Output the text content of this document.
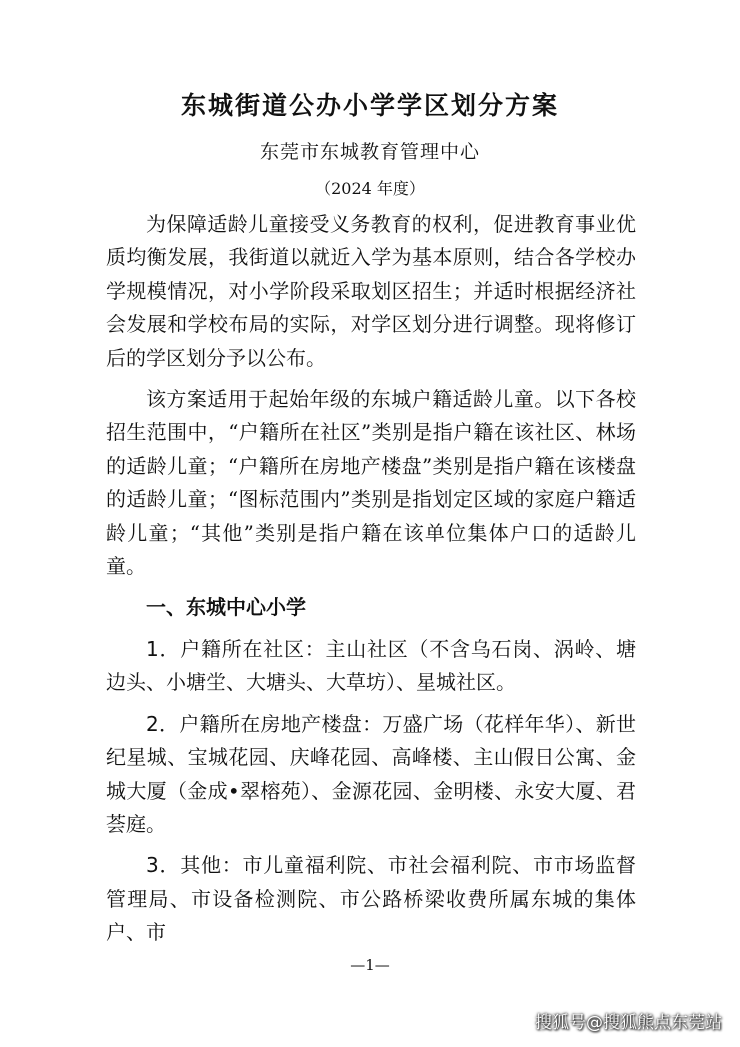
东城街道公办小学学区划分方案
东莞市东城教育管理中心
（2024 年度）

为保障适龄儿童接受义务教育的权利，促进教育事业优质均衡发展，我街道以就近入学为基本原则，结合各学校办学规模情况，对小学阶段采取划区招生；并适时根据经济社会发展和学校布局的实际，对学区划分进行调整。现将修订后的学区划分予以公布。

该方案适用于起始年级的东城户籍适龄儿童。以下各校招生范围中，“户籍所在社区”类别是指户籍在该社区、林场的适龄儿童；“户籍所在房地产楼盘”类别是指户籍在该楼盘的适龄儿童；“图标范围内”类别是指划定区域的家庭户籍适龄儿童；“其他”类别是指户籍在该单位集体户口的适龄儿童。

一、东城中心小学

1．户籍所在社区：主山社区（不含乌石岗、涡岭、塘边头、小塘坣、大塘头、大草坊）、星城社区。

2．户籍所在房地产楼盘：万盛广场（花样年华）、新世纪星城、宝城花园、庆峰花园、高峰楼、主山假日公寓、金城大厦（金成•翠榕苑）、金源花园、金明楼、永安大厦、君荟庭。

3．其他：市儿童福利院、市社会福利院、市市场监督管理局、市设备检测院、市公路桥梁收费所属东城的集体户、市

—1—
搜狐号@搜狐熊点东莞站
